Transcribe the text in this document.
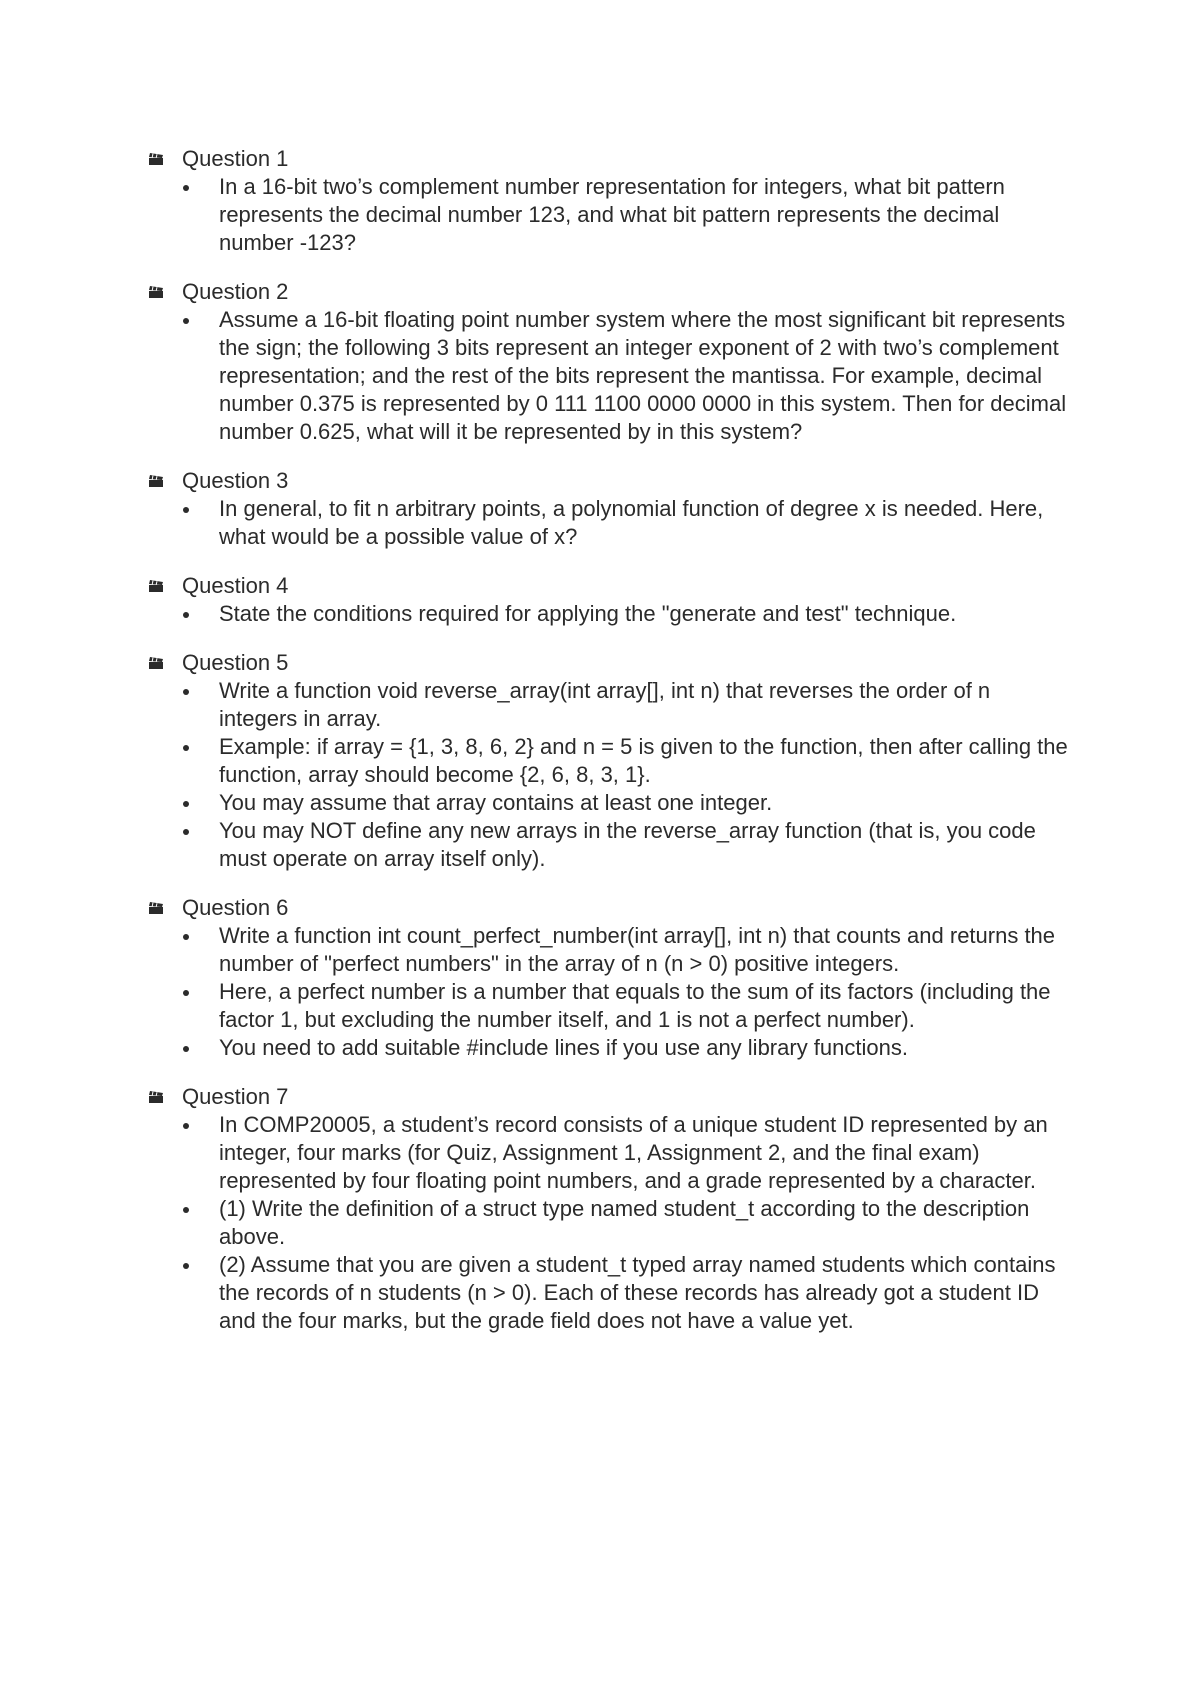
Question 1
In a 16-bit two’s complement number representation for integers, what bit pattern represents the decimal number 123, and what bit pattern represents the decimal number -123?
Question 2
Assume a 16-bit floating point number system where the most significant bit represents the sign; the following 3 bits represent an integer exponent of 2 with two’s complement representation; and the rest of the bits represent the mantissa. For example, decimal number 0.375 is represented by 0 111 1100 0000 0000 in this system. Then for decimal number 0.625, what will it be represented by in this system?
Question 3
In general, to fit n arbitrary points, a polynomial function of degree x is needed. Here, what would be a possible value of x?
Question 4
State the conditions required for applying the "generate and test" technique.
Question 5
Write a function void reverse_array(int array[], int n) that reverses the order of n integers in array.
Example: if array = {1, 3, 8, 6, 2} and n = 5 is given to the function, then after calling the function, array should become {2, 6, 8, 3, 1}.
You may assume that array contains at least one integer.
You may NOT define any new arrays in the reverse_array function (that is, you code must operate on array itself only).
Question 6
Write a function int count_perfect_number(int array[], int n) that counts and returns the number of "perfect numbers" in the array of n (n > 0) positive integers.
Here, a perfect number is a number that equals to the sum of its factors (including the factor 1, but excluding the number itself, and 1 is not a perfect number).
You need to add suitable #include lines if you use any library functions.
Question 7
In COMP20005, a student’s record consists of a unique student ID represented by an integer, four marks (for Quiz, Assignment 1, Assignment 2, and the final exam) represented by four floating point numbers, and a grade represented by a character.
(1) Write the definition of a struct type named student_t according to the description above.
(2) Assume that you are given a student_t typed array named students which contains the records of n students (n > 0). Each of these records has already got a student ID and the four marks, but the grade field does not have a value yet.
